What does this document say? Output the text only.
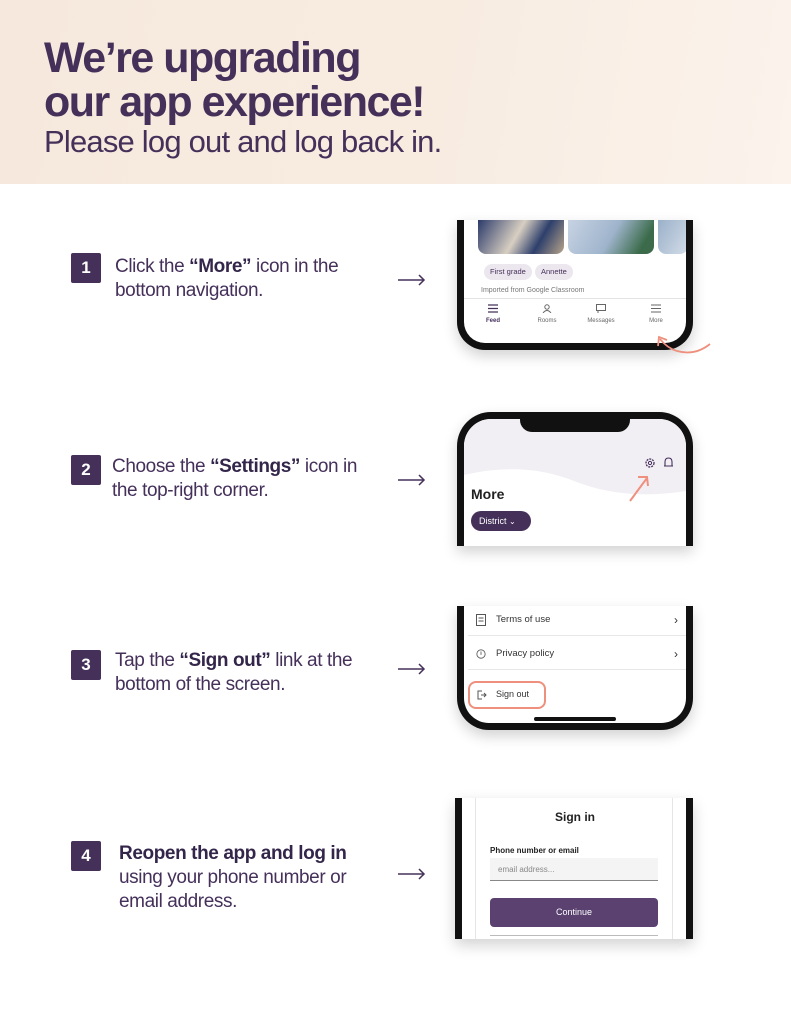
We’re upgrading
our app experience!
Please log out and log back in.
1	Click the “More” icon in the bottom navigation.
First grade	Annette
Imported from Google Classroom
Feed	Rooms	Messages	More
2	Choose the “Settings” icon in the top-right corner.	More
District ⌄
3	Tap the “Sign out” link at the bottom of the screen.
Terms of use	›
Privacy policy	›
Sign out
4	Reopen the app and log in using your phone number or email address.
Sign in
Phone number or email
email address...
Continue
